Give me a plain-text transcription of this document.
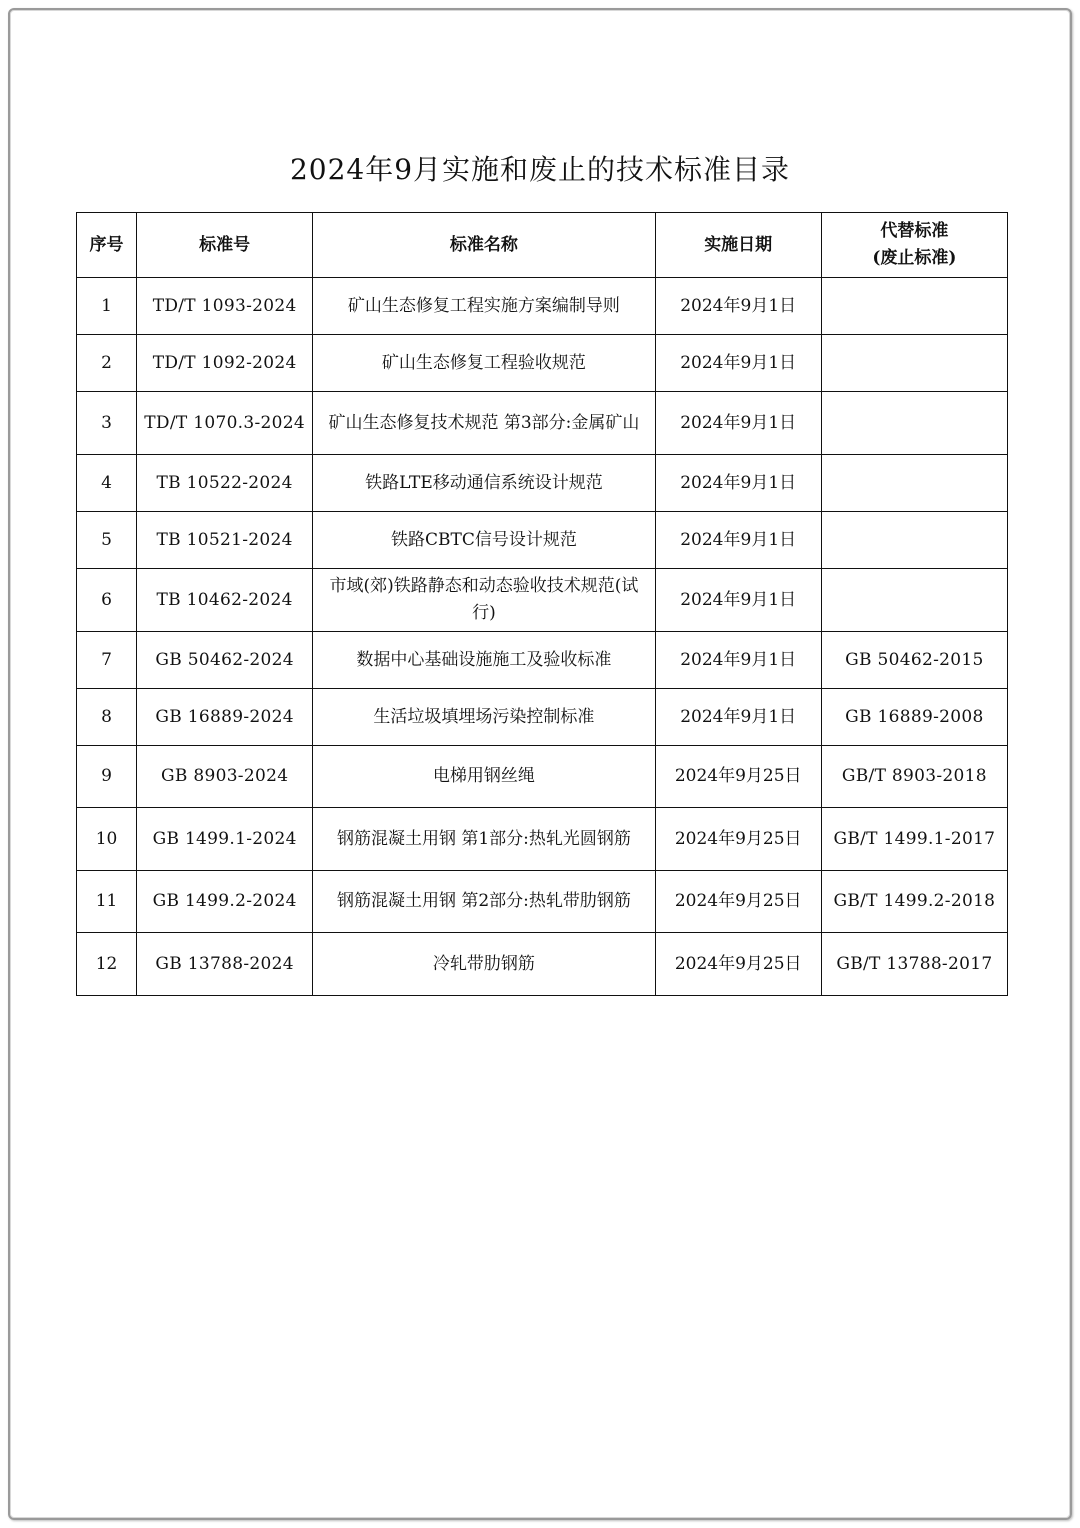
2024年9月实施和废止的技术标准目录
序号	标准号	标准名称	实施日期	代替标准
(废止标准)

1	TD/T 1093-2024	矿山生态修复工程实施方案编制导则	2024年9月1日	
2	TD/T 1092-2024	矿山生态修复工程验收规范	2024年9月1日	
3	TD/T 1070.3-2024	矿山生态修复技术规范 第3部分:金属矿山	2024年9月1日	
4	TB 10522-2024	铁路LTE移动通信系统设计规范	2024年9月1日	
5	TB 10521-2024	铁路CBTC信号设计规范	2024年9月1日	
6	TB 10462-2024	市域(郊)铁路静态和动态验收技术规范(试行)	2024年9月1日	
7	GB 50462-2024	数据中心基础设施施工及验收标准	2024年9月1日	GB 50462-2015
8	GB 16889-2024	生活垃圾填埋场污染控制标准	2024年9月1日	GB 16889-2008
9	GB 8903-2024	电梯用钢丝绳	2024年9月25日	GB/T 8903-2018
10	GB 1499.1-2024	钢筋混凝土用钢 第1部分:热轧光圆钢筋	2024年9月25日	GB/T 1499.1-2017
11	GB 1499.2-2024	钢筋混凝土用钢 第2部分:热轧带肋钢筋	2024年9月25日	GB/T 1499.2-2018
12	GB 13788-2024	冷轧带肋钢筋	2024年9月25日	GB/T 13788-2017
